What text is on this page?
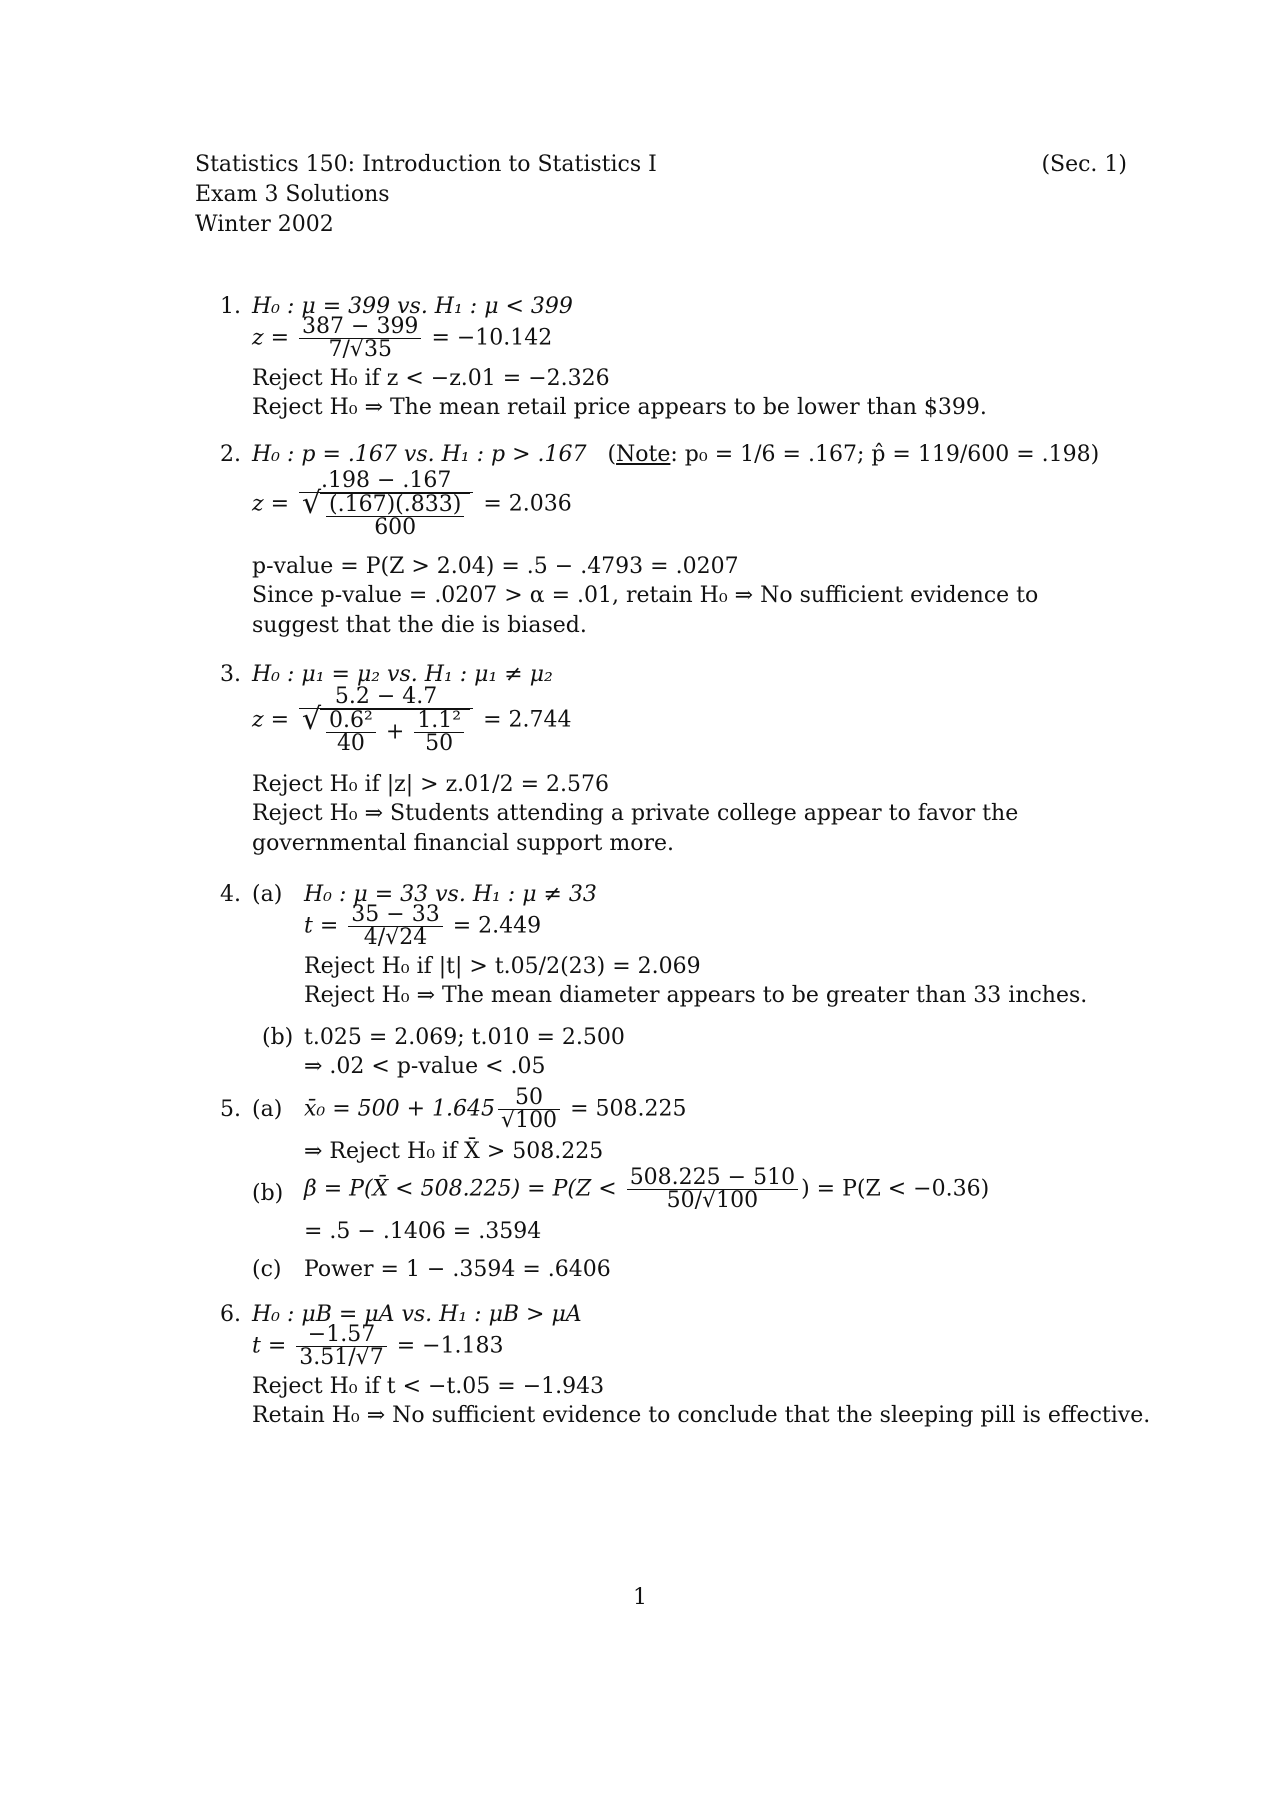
Statistics 150: Introduction to Statistics I	(Sec. 1)
Exam 3 Solutions
Winter 2002
1. H₀ : μ = 399 vs. H₁ : μ < 399
$z = \frac{387 - 399}{7/√35} = -10.142$
Reject H₀ if z < −z.01 = −2.326
Reject H₀ ⇒ The mean retail price appears to be lower than $399.
2. H₀ : p = .167 vs. H₁ : p > .167   (Note: p₀ = 1/6 = .167; p̂ = 119/600 = .198)
z =
.198 − .167
√ $\frac{(.167)(.833)}{600} = 2.036$
p-value = P(Z > 2.04) = .5 − .4793 = .0207
Since p-value = .0207 > α = .01, retain H₀ ⇒ No sufficient evidence to suggest that the die is biased.
3. H₀ : μ₁ = μ₂ vs. H₁ : μ₁ ≠ μ₂
z =
5.2 − 4.7
√ $\frac{\text{0.6²}}{40} + \frac{\text{1.1²}}{50} = 2.744$
Reject H₀ if |z| > z.01/2 = 2.576
Reject H₀ ⇒ Students attending a private college appear to favor the governmental financial support more.
4. (a) H₀ : μ = 33 vs. H₁ : μ ≠ 33
$t = \frac{35 - 33}{4/√24} = 2.449$
Reject H₀ if |t| > t.05/2(23) = 2.069
Reject H₀ ⇒ The mean diameter appears to be greater than 33 inches.
(b) t.025 = 2.069; t.010 = 2.500
⇒ .02 < p-value < .05
5. (a) x̄₀ = $500 + 1.645 \frac{50}{√100} = 508.225$
⇒ Reject H₀ if X̄ > 508.225
(b) β = P(X̄ < $508.225) = P(Z < \frac{508.225 - 510}{50/√100}$ ) = P(Z < −0.36)
= .5 − .1406 = .3594
(c) Power = 1 − .3594 = .6406
6. H₀ : μB = μA vs. H₁ : μB > μA
$t = \frac{-1.57}{3.51/√7} = -1.183$
Reject H₀ if t < −t.05 = −1.943
Retain H₀ ⇒ No sufficient evidence to conclude that the sleeping pill is effective.
1
